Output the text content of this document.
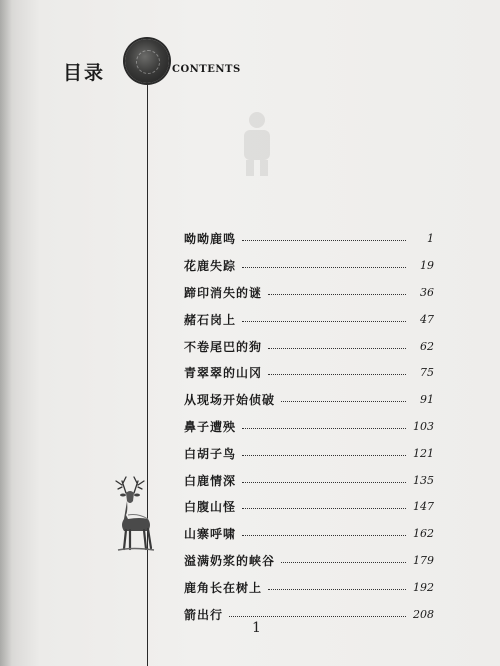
目录	CONTENTS
呦呦鹿鸣	1
花鹿失踪	19
蹄印消失的谜	36
赭石岗上	47
不卷尾巴的狗	62
青翠翠的山冈	75
从现场开始侦破	91
鼻子遭殃	103
白胡子鸟	121
白鹿情深	135
白腹山怪	147
山寨呼啸	162
溢满奶浆的峡谷	179
鹿角长在树上	192
箭出行	208
1
